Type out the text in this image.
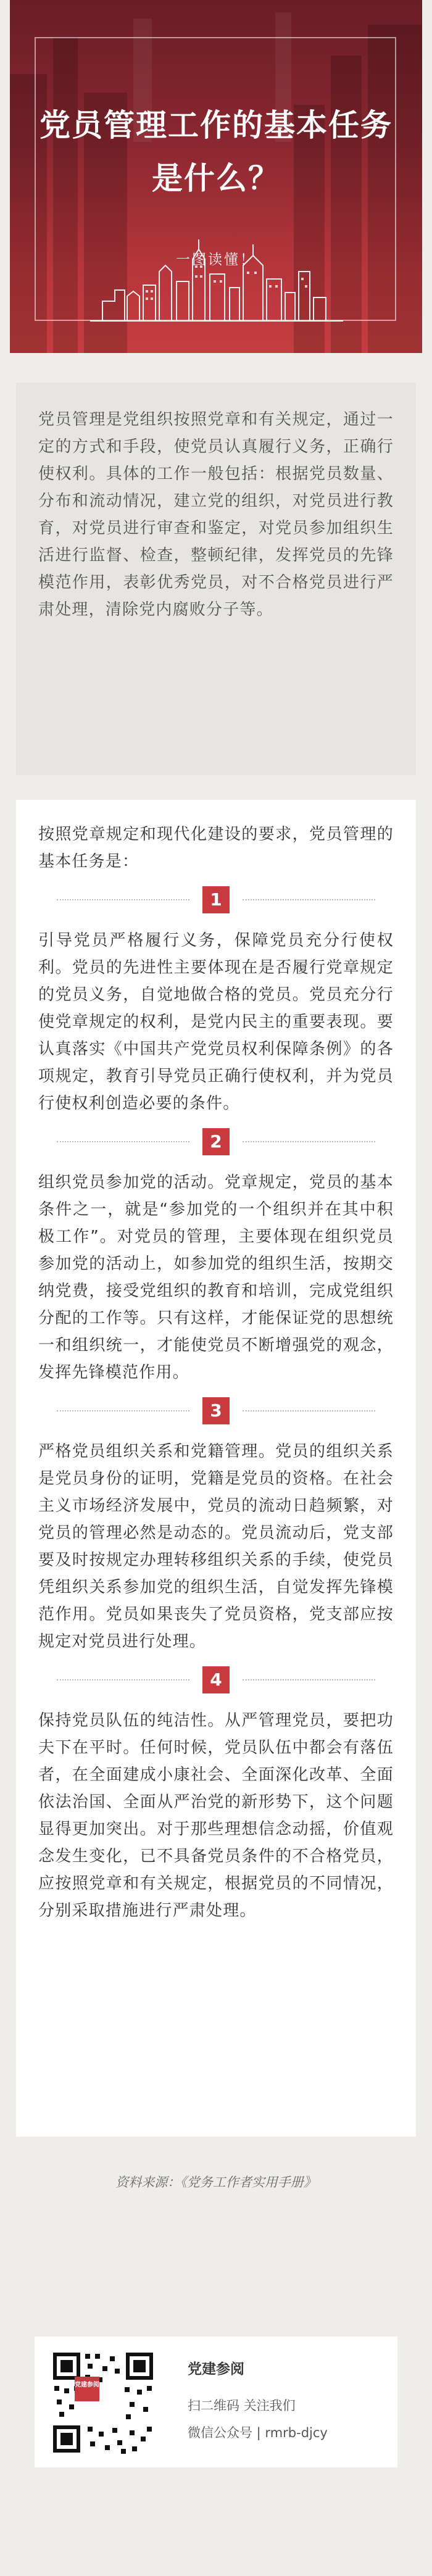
党员管理工作的基本任务
是什么？
一图读懂！

党员管理是党组织按照党章和有关规定，通过一定的方式和手段，使党员认真履行义务，正确行使权利。具体的工作一般包括：根据党员数量、分布和流动情况，建立党的组织，对党员进行教育，对党员进行审查和鉴定，对党员参加组织生活进行监督、检查，整顿纪律，发挥党员的先锋模范作用，表彰优秀党员，对不合格党员进行严肃处理，清除党内腐败分子等。

按照党章规定和现代化建设的要求，党员管理的基本任务是：

1

引导党员严格履行义务，保障党员充分行使权利。党员的先进性主要体现在是否履行党章规定的党员义务，自觉地做合格的党员。党员充分行使党章规定的权利，是党内民主的重要表现。要认真落实《中国共产党党员权利保障条例》的各项规定，教育引导党员正确行使权利，并为党员行使权利创造必要的条件。

2

组织党员参加党的活动。党章规定，党员的基本条件之一，就是“参加党的一个组织并在其中积极工作”。对党员的管理，主要体现在组织党员参加党的活动上，如参加党的组织生活，按期交纳党费，接受党组织的教育和培训，完成党组织分配的工作等。只有这样，才能保证党的思想统一和组织统一，才能使党员不断增强党的观念，发挥先锋模范作用。

3

严格党员组织关系和党籍管理。党员的组织关系是党员身份的证明，党籍是党员的资格。在社会主义市场经济发展中，党员的流动日趋频繁，对党员的管理必然是动态的。党员流动后，党支部要及时按规定办理转移组织关系的手续，使党员凭组织关系参加党的组织生活，自觉发挥先锋模范作用。党员如果丧失了党员资格，党支部应按规定对党员进行处理。

4

保持党员队伍的纯洁性。从严管理党员，要把功夫下在平时。任何时候，党员队伍中都会有落伍者，在全面建成小康社会、全面深化改革、全面依法治国、全面从严治党的新形势下，这个问题显得更加突出。对于那些理想信念动摇，价值观念发生变化，已不具备党员条件的不合格党员，应按照党章和有关规定，根据党员的不同情况，分别采取措施进行严肃处理。

资料来源：《党务工作者实用手册》
党建参阅
党建参阅
扫二维码 关注我们
微信公众号 | rmrb-djcy
